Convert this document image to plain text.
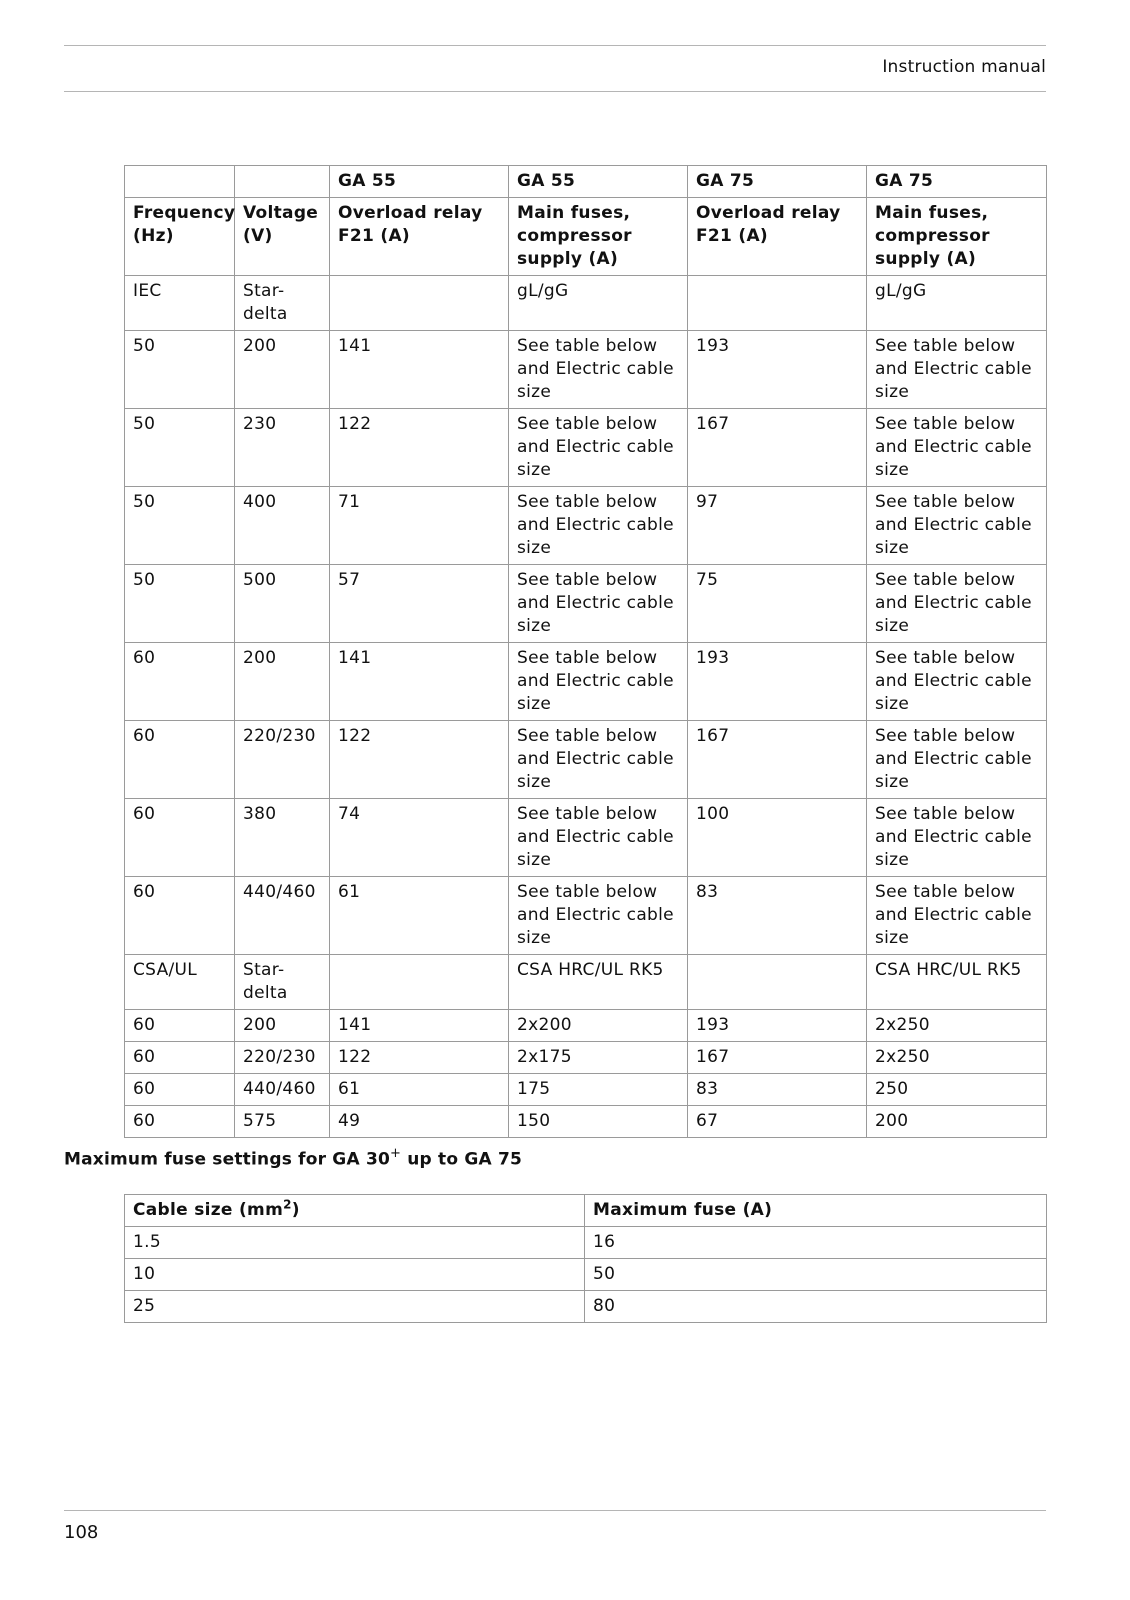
Instruction manual
		GA 55	GA 55	GA 75	GA 75
Frequency (Hz)	Voltage (V)	Overload relay F21 (A)	Main fuses, compressor supply (A)	Overload relay F21 (A)	Main fuses, compressor supply (A)
IEC	Star-delta		gL/gG		gL/gG
50	200	141	See table below and Electric cable size	193	See table below and Electric cable size
50	230	122	See table below and Electric cable size	167	See table below and Electric cable size
50	400	71	See table below and Electric cable size	97	See table below and Electric cable size
50	500	57	See table below and Electric cable size	75	See table below and Electric cable size
60	200	141	See table below and Electric cable size	193	See table below and Electric cable size
60	220/230	122	See table below and Electric cable size	167	See table below and Electric cable size
60	380	74	See table below and Electric cable size	100	See table below and Electric cable size
60	440/460	61	See table below and Electric cable size	83	See table below and Electric cable size
CSA/UL	Star-delta		CSA HRC/UL RK5		CSA HRC/UL RK5
60	200	141	2x200	193	2x250
60	220/230	122	2x175	167	2x250
60	440/460	61	175	83	250
60	575	49	150	67	200
Maximum fuse settings for GA 30+ up to GA 75
Cable size $(mm^2)$	Maximum fuse (A)
1.5	16
10	50
25	80
108
